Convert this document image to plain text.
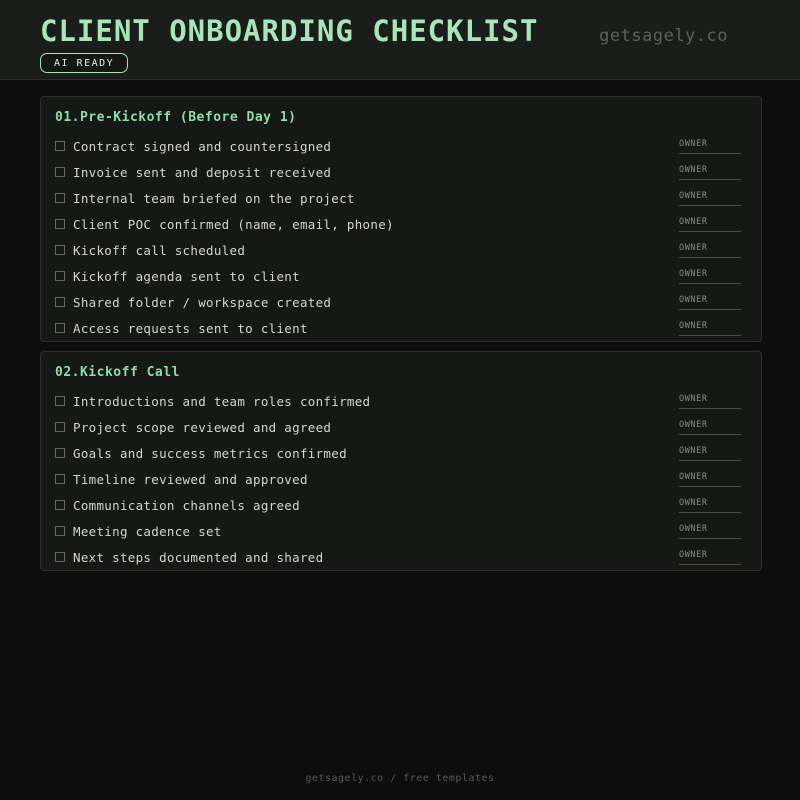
CLIENT ONBOARDING CHECKLIST
AI READY
getsagely.co
01.Pre-Kickoff (Before Day 1)
Contract signed and countersigned	OWNER
Invoice sent and deposit received	OWNER
Internal team briefed on the project	OWNER
Client POC confirmed (name, email, phone)	OWNER
Kickoff call scheduled	OWNER
Kickoff agenda sent to client	OWNER
Shared folder / workspace created	OWNER
Access requests sent to client	OWNER
02.Kickoff Call
Introductions and team roles confirmed	OWNER
Project scope reviewed and agreed	OWNER
Goals and success metrics confirmed	OWNER
Timeline reviewed and approved	OWNER
Communication channels agreed	OWNER
Meeting cadence set	OWNER
Next steps documented and shared	OWNER
getsagely.co / free templates
